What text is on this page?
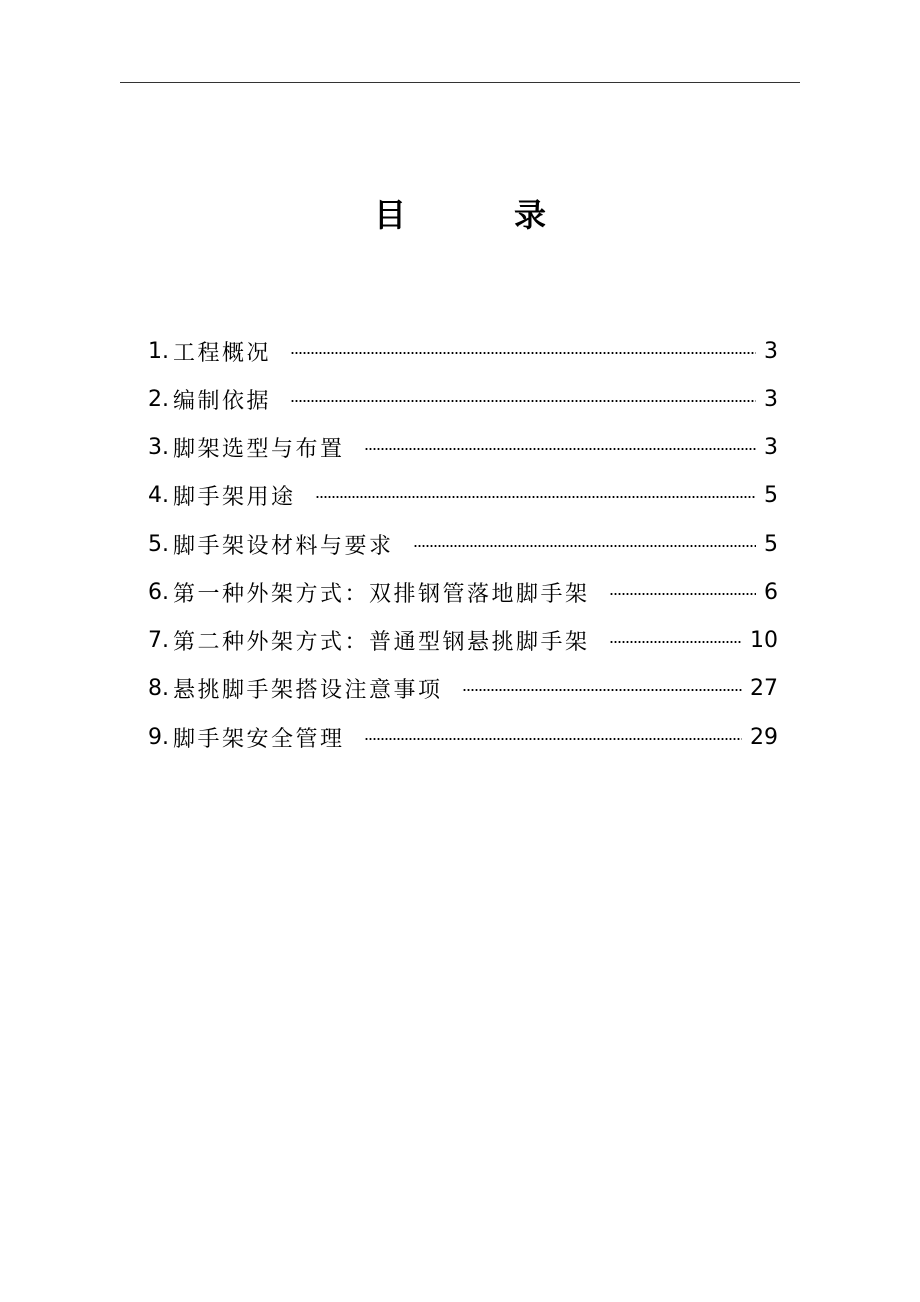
目	录
1. 工程概况	3
2. 编制依据	3
3. 脚架选型与布置	3
4. 脚手架用途	5
5. 脚手架设材料与要求	5
6. 第一种外架方式：双排钢管落地脚手架	6
7. 第二种外架方式：普通型钢悬挑脚手架	10
8. 悬挑脚手架搭设注意事项	27
9. 脚手架安全管理	29
